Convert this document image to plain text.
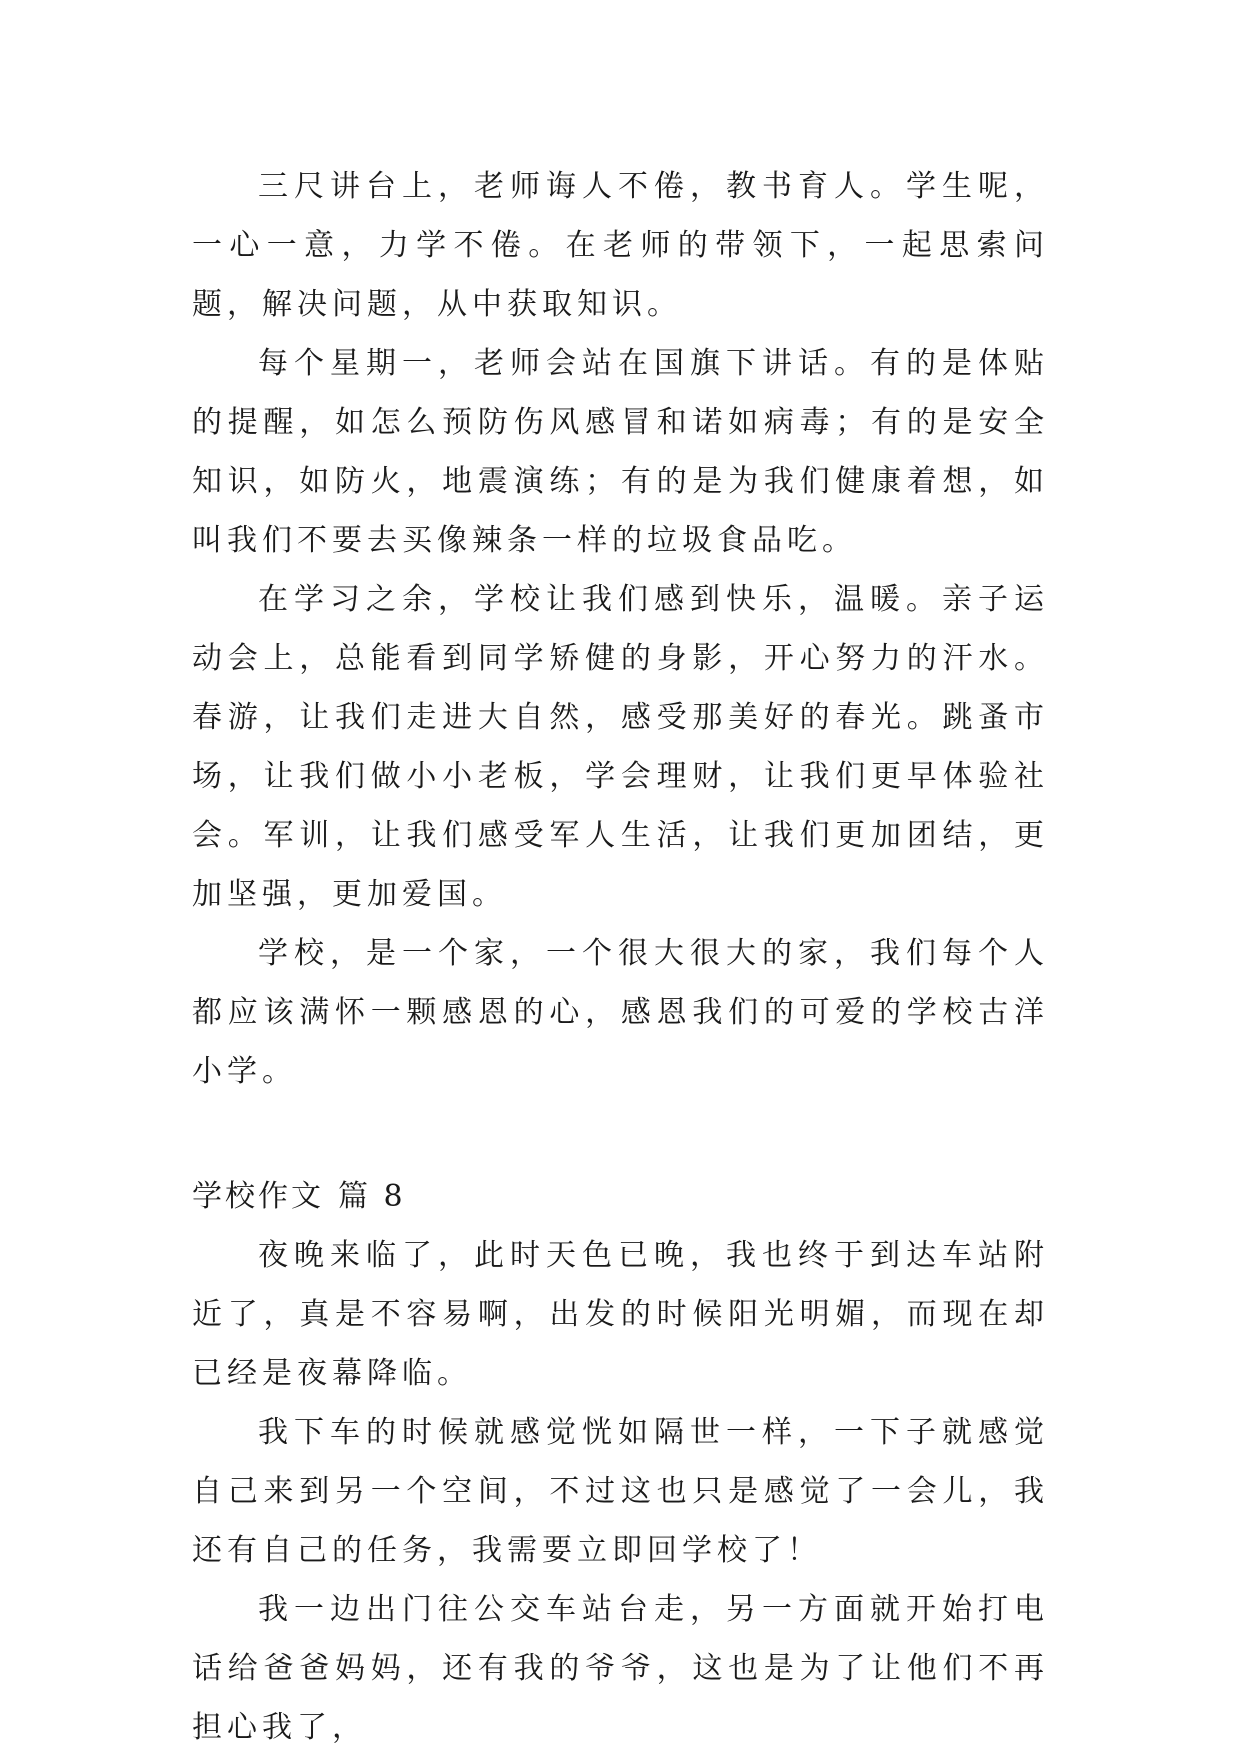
三尺讲台上，老师诲人不倦，教书育人。学生呢，一心一意，力学不倦。在老师的带领下，一起思索问题，解决问题，从中获取知识。

每个星期一，老师会站在国旗下讲话。有的是体贴的提醒，如怎么预防伤风感冒和诺如病毒；有的是安全知识，如防火，地震演练；有的是为我们健康着想，如叫我们不要去买像辣条一样的垃圾食品吃。

在学习之余，学校让我们感到快乐，温暖。亲子运动会上，总能看到同学矫健的身影，开心努力的汗水。春游，让我们走进大自然，感受那美好的春光。跳蚤市场，让我们做小小老板，学会理财，让我们更早体验社会。军训，让我们感受军人生活，让我们更加团结，更加坚强，更加爱国。

学校，是一个家，一个很大很大的家，我们每个人都应该满怀一颗感恩的心，感恩我们的可爱的学校古洋小学。

学校作文 篇 8

夜晚来临了，此时天色已晚，我也终于到达车站附近了，真是不容易啊，出发的时候阳光明媚，而现在却已经是夜幕降临。

我下车的时候就感觉恍如隔世一样，一下子就感觉自己来到另一个空间，不过这也只是感觉了一会儿，我还有自己的任务，我需要立即回学校了！

我一边出门往公交车站台走，另一方面就开始打电话给爸爸妈妈，还有我的爷爷，这也是为了让他们不再担心我了，
